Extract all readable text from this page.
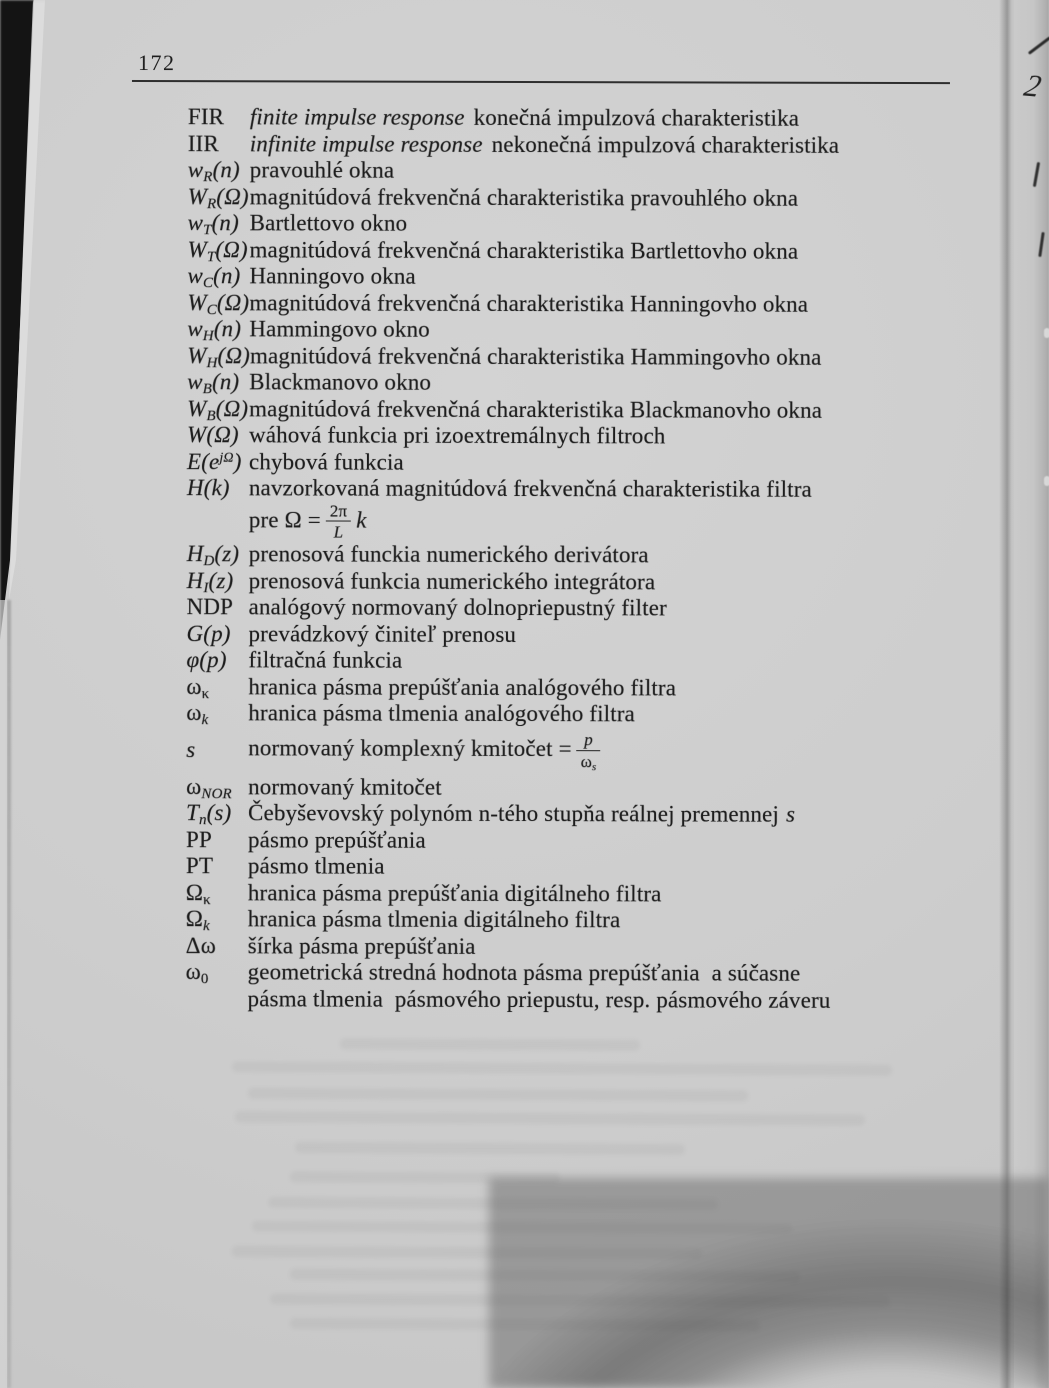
172
FIR	finite impulse response konečná impulzová charakteristika
IIR	infinite impulse response nekonečná impulzová charakteristika
$w_R(n)$ pravouhlé okna
$W_R(\Omega)$ magnitúdová frekvenčná charakteristika pravouhlého okna
$w_T(n)$ Bartlettovo okno
$W_T(\Omega)$ magnitúdová frekvenčná charakteristika Bartlettovho okna
$w_C(n)$ Hanningovo okna
$W_C(\Omega)$ magnitúdová frekvenčná charakteristika Hanningovho okna
$w_H(n)$ Hammingovo okno
$W_H(\Omega)$ magnitúdová frekvenčná charakteristika Hammingovho okna
$w_B(n)$ Blackmanovo okno
$W_B(\Omega)$ magnitúdová frekvenčná charakteristika Blackmanovho okna
W(Ω) wáhová funkcia pri izoextremálnych filtroch
$E(e^{j\Omega})$ chybová funkcia
H(k) navzorkovaná magnitúdová frekvenčná charakteristika filtra
pre $\Omega = \frac{2\pi}{L}$ k
$H_D(z)$ prenosová funckia numerického derivátora
$H_I(z)$ prenosová funkcia numerického integrátora
NDP analógový normovaný dolnopriepustný filter
G(p) prevádzkový činiteľ prenosu
φ(p) filtračná funkcia
$\omega_\kappa$	hranica pásma prepúšťania analógového filtra
$\omega_k$	hranica pásma tlmenia analógového filtra
s	normovaný komplexný kmitočet = $\frac{p}{\omega_s}$
$\omega_{NOR}$ normovaný kmitočet
$T_n(s)$ Čebyševovský polynóm n-tého stupňa reálnej premennej s
PP	pásmo prepúšťania
PT	pásmo tlmenia
$\Omega_\kappa$	hranica pásma prepúšťania digitálneho filtra
$\Omega_k$	hranica pásma tlmenia digitálneho filtra
Δω	šírka pásma prepúšťania
$\omega_0$	geometrická stredná hodnota pásma prepúšťania  a súčasne
pásma tlmenia  pásmového priepustu, resp. pásmového záveru
2
